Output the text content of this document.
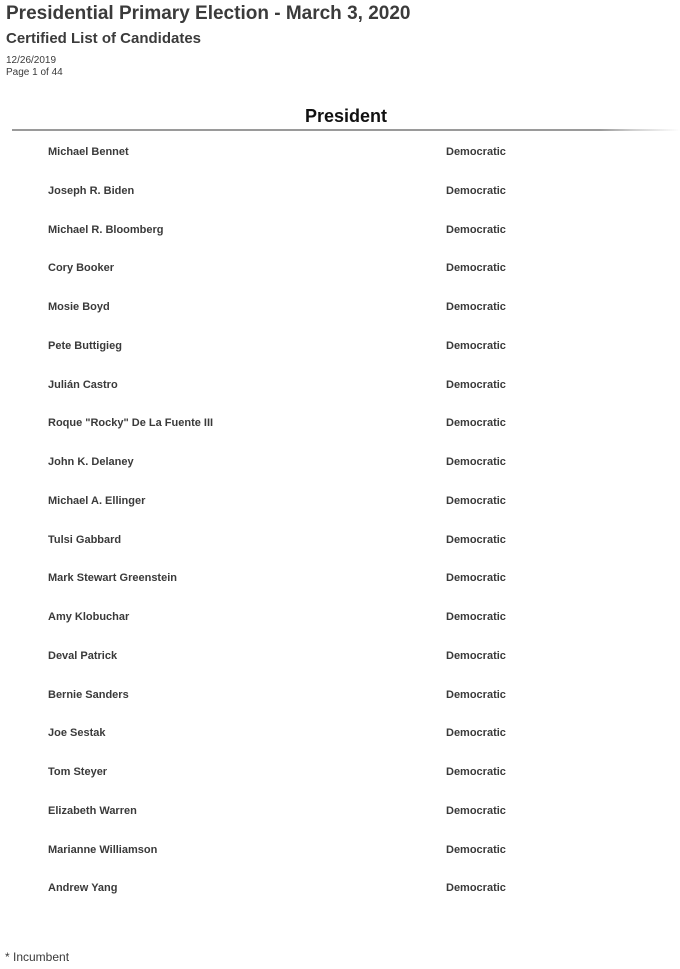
Presidential Primary Election - March 3, 2020
Certified List of Candidates
12/26/2019
Page 1 of 44
President
Michael Bennet	Democratic
Joseph R. Biden	Democratic
Michael R. Bloomberg	Democratic
Cory Booker	Democratic
Mosie Boyd	Democratic
Pete Buttigieg	Democratic
Julián Castro	Democratic
Roque "Rocky" De La Fuente III	Democratic
John K. Delaney	Democratic
Michael A. Ellinger	Democratic
Tulsi Gabbard	Democratic
Mark Stewart Greenstein	Democratic
Amy Klobuchar	Democratic
Deval Patrick	Democratic
Bernie Sanders	Democratic
Joe Sestak	Democratic
Tom Steyer	Democratic
Elizabeth Warren	Democratic
Marianne Williamson	Democratic
Andrew Yang	Democratic
* Incumbent
